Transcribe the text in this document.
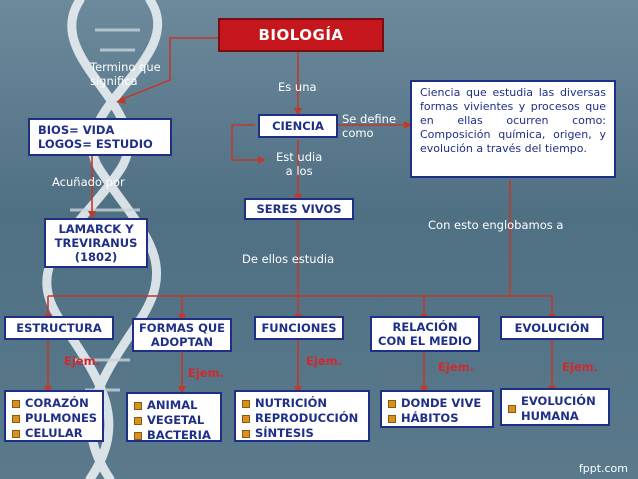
BIOLOGÍA
Termino que
significa	Es una
Se define
como
Est udia
a los
Acuñado por
Con esto englobamos a
De ellos estudia
BIOS= VIDA
LOGOS= ESTUDIO
CIENCIA
Ciencia que estudia las diversas formas vivientes y procesos que en ellas ocurren como: Composición química, origen, y evolución a través del tiempo.
SERES VIVOS
LAMARCK Y
TREVIRANUS
(1802)
ESTRUCTURA	FORMAS QUE
ADOPTAN
FUNCIONES	RELACIÓN
CON EL MEDIO
EVOLUCIÓN
Ejem.
Ejem.
Ejem.	Ejem.	Ejem.
CORAZÓN
PULMONES
CELULAR
ANIMAL
VEGETAL
BACTERIA
NUTRICIÓN
REPRODUCCIÓN
SÍNTESIS
DONDE VIVE
HÁBITOS
EVOLUCIÓN
HUMANA
fppt.com
